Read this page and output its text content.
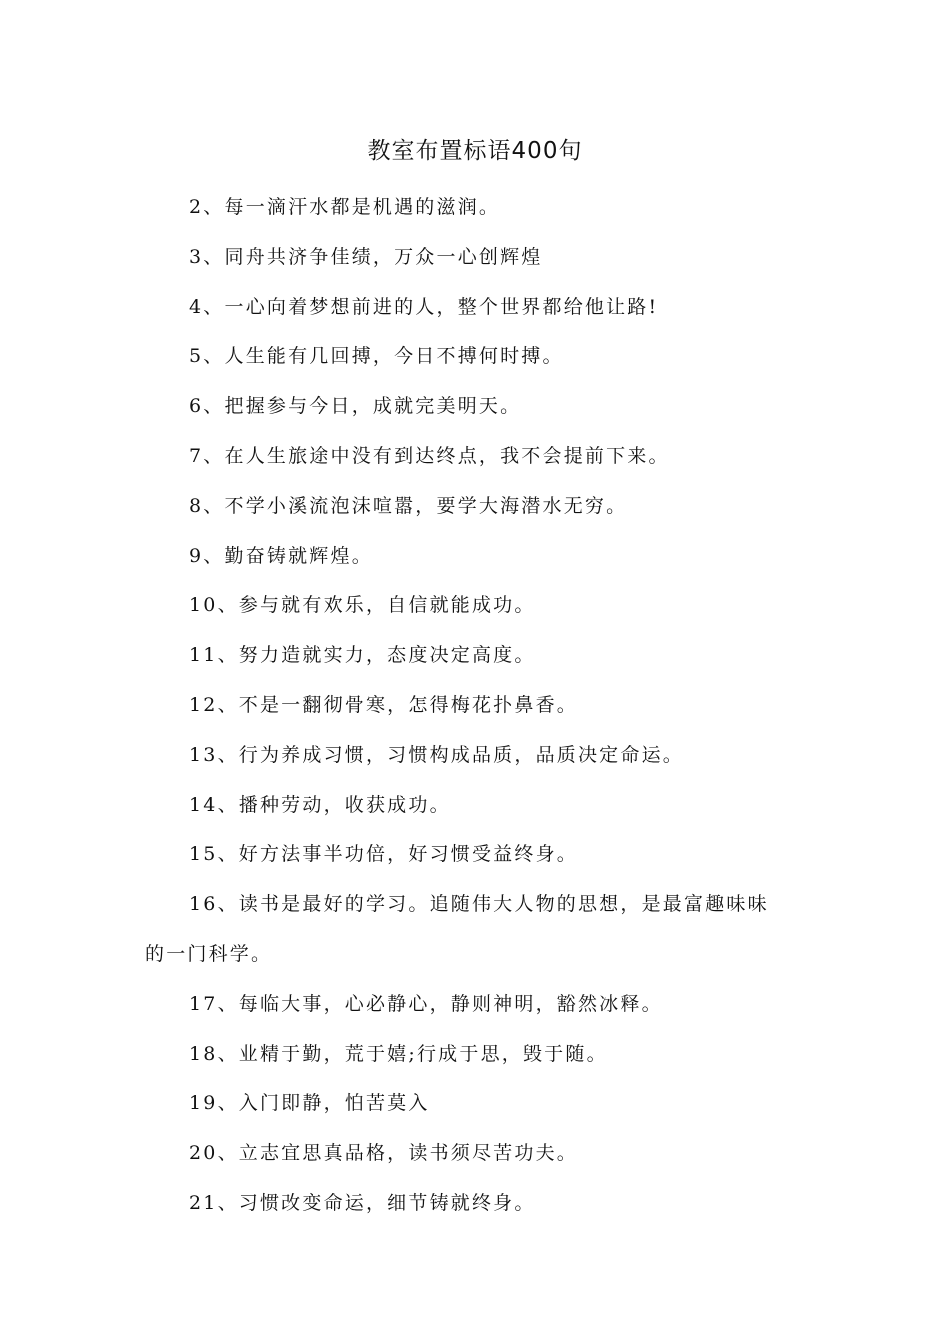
教室布置标语400句
2、每一滴汗水都是机遇的滋润。
3、同舟共济争佳绩，万众一心创辉煌
4、一心向着梦想前进的人，整个世界都给他让路!
5、人生能有几回搏，今日不搏何时搏。
6、把握参与今日，成就完美明天。
7、在人生旅途中没有到达终点，我不会提前下来。
8、不学小溪流泡沫喧嚣，要学大海潜水无穷。
9、勤奋铸就辉煌。
10、参与就有欢乐，自信就能成功。
11、努力造就实力，态度决定高度。
12、不是一翻彻骨寒，怎得梅花扑鼻香。
13、行为养成习惯，习惯构成品质，品质决定命运。
14、播种劳动，收获成功。
15、好方法事半功倍，好习惯受益终身。
16、读书是最好的学习。追随伟大人物的思想，是最富趣味味
的一门科学。
17、每临大事，心必静心，静则神明，豁然冰释。
18、业精于勤，荒于嬉;行成于思，毁于随。
19、入门即静，怕苦莫入
20、立志宜思真品格，读书须尽苦功夫。
21、习惯改变命运，细节铸就终身。
